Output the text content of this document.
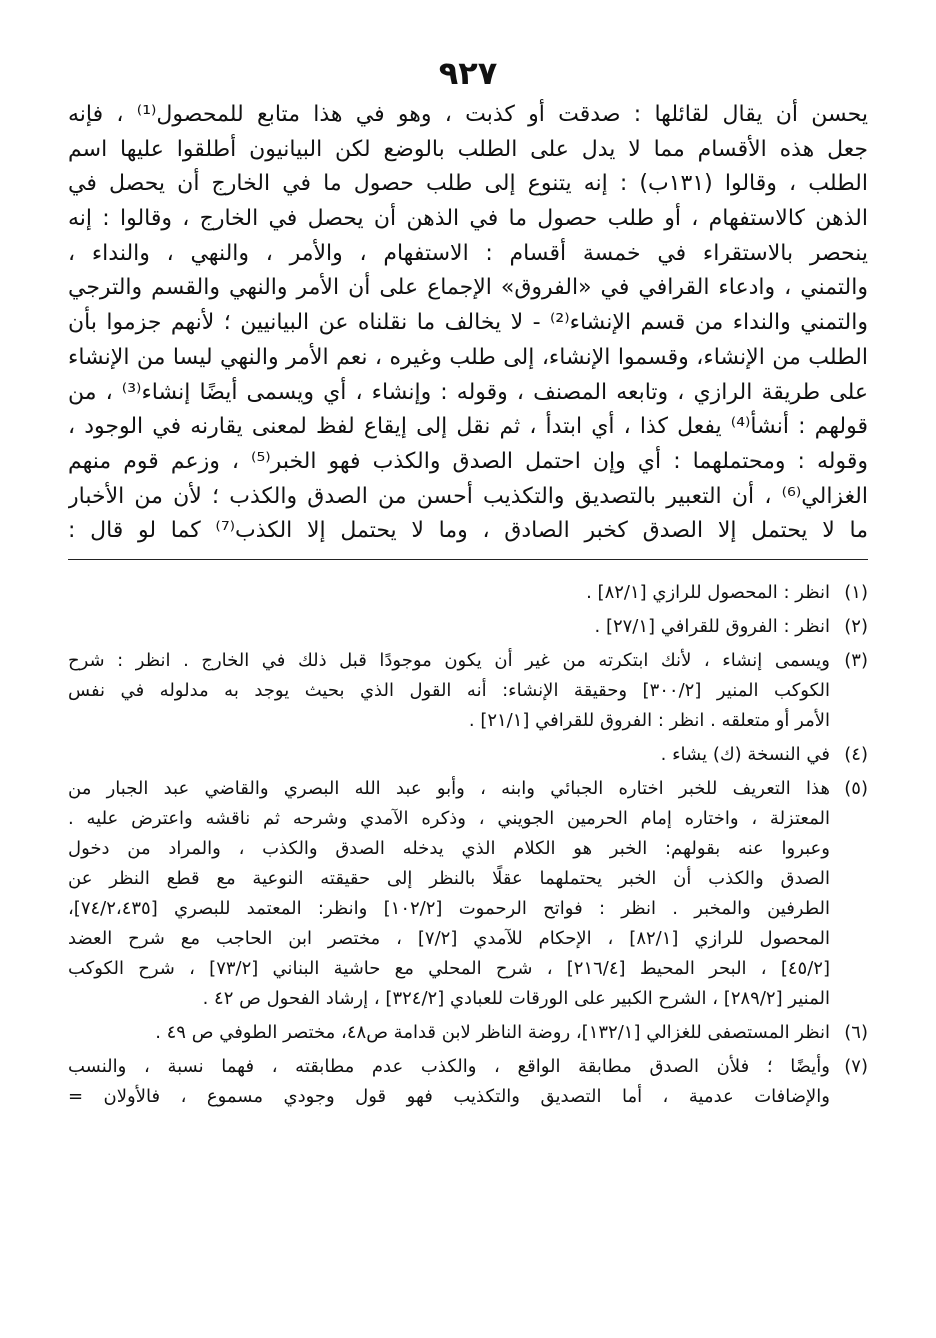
٩٢٧
يحسن أن يقال لقائلها : صدقت أو كذبت ، وهو في هذا متابع للمحصول⁽¹⁾ ، فإنه
جعل هذه الأقسام مما لا يدل على الطلب بالوضع لكن البيانيون أطلقوا عليها اسم
الطلب ، وقالوا (١٣١ب) : إنه يتنوع إلى طلب حصول ما في الخارج أن يحصل في
الذهن كالاستفهام ، أو طلب حصول ما في الذهن أن يحصل في الخارج ، وقالوا : إنه
ينحصر بالاستقراء في خمسة أقسام : الاستفهام ، والأمر ، والنهي ، والنداء ،
والتمني ، وادعاء القرافي في «الفروق» الإجماع على أن الأمر والنهي والقسم والترجي
والتمني والنداء من قسم الإنشاء⁽²⁾ - لا يخالف ما نقلناه عن البيانيين ؛ لأنهم جزموا بأن
الطلب من الإنشاء، وقسموا الإنشاء، إلى طلب وغيره ، نعم الأمر والنهي ليسا من الإنشاء
على طريقة الرازي ، وتابعه المصنف ، وقوله : وإنشاء ، أي ويسمى أيضًا إنشاء⁽³⁾ ، من
قولهم : أنشأ⁽⁴⁾ يفعل كذا ، أي ابتدأ ، ثم نقل إلى إيقاع لفظ لمعنى يقارنه في الوجود ،
وقوله : ومحتملهما : أي وإن احتمل الصدق والكذب فهو الخبر⁽⁵⁾ ، وزعم قوم منهم
الغزالي⁽⁶⁾ ، أن التعبير بالتصديق والتكذيب أحسن من الصدق والكذب ؛ لأن من الأخبار
ما لا يحتمل إلا الصدق كخبر الصادق ، وما لا يحتمل إلا الكذب⁽⁷⁾ كما لو قال :
(١)
انظر : المحصول للرازي [٨٢/١] .
(٢)
انظر : الفروق للقرافي [٢٧/١] .
(٣)
ويسمى إنشاء ، لأنك ابتكرته من غير أن يكون موجودًا قبل ذلك في الخارج . انظر : شرح
الكوكب المنير [٣٠٠/٢] وحقيقة الإنشاء: أنه القول الذي بحيث يوجد به مدلوله في نفس
الأمر أو متعلقه . انظر : الفروق للقرافي [٢١/١] .
(٤)
في النسخة (ك) يشاء .
(٥)
هذا التعريف للخبر اختاره الجبائي وابنه ، وأبو عبد الله البصري والقاضي عبد الجبار من
المعتزلة ، واختاره إمام الحرمين الجويني ، وذكره الآمدي وشرحه ثم ناقشه واعترض عليه .
وعبروا عنه بقولهم: الخبر هو الكلام الذي يدخله الصدق والكذب ، والمراد من دخول
الصدق والكذب أن الخبر يحتملهما عقلًا بالنظر إلى حقيقته النوعية مع قطع النظر عن
الطرفين والمخبر . انظر : فواتح الرحموت [١٠٢/٢] وانظر: المعتمد للبصري [٧٤/٢،٤٣٥]،
المحصول للرازي [٨٢/١] ، الإحكام للآمدي [٧/٢] ، مختصر ابن الحاجب مع شرح العضد
[٤٥/٢] ، البحر المحيط [٢١٦/٤] ، شرح المحلي مع حاشية البناني [٧٣/٢] ، شرح الكوكب
المنير [٢٨٩/٢] ، الشرح الكبير على الورقات للعبادي [٣٢٤/٢] ، إرشاد الفحول ص ٤٢ .
(٦)
انظر المستصفى للغزالي [١٣٢/١]، روضة الناظر لابن قدامة ص٤٨، مختصر الطوفي ص ٤٩ .
(٧)
وأيضًا ؛ فلأن الصدق مطابقة الواقع ، والكذب عدم مطابقته ، فهما نسبة ، والنسب
والإضافات عدمية ، أما التصديق والتكذيب فهو قول وجودي مسموع ، فالأولان =
